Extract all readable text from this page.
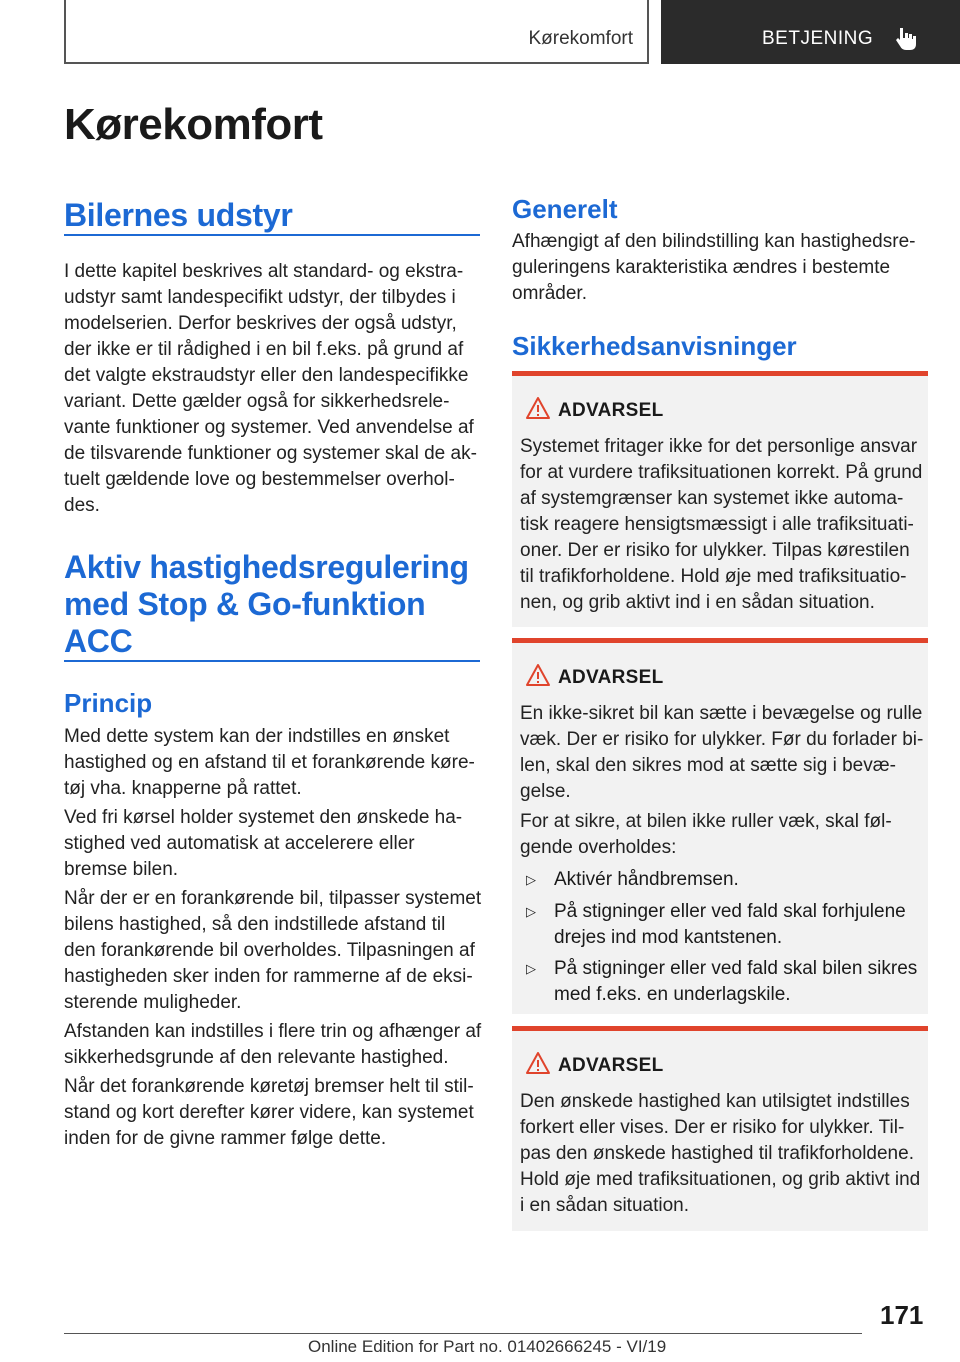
Kørekomfort	BETJENING
Kørekomfort
Bilernes udstyr

I dette kapitel beskrives alt standard- og ekstra-udstyr samt landespecifikt udstyr, der tilbydes i modelserien. Derfor beskrives der også udstyr, der ikke er til rådighed i en bil f.eks. på grund af det valgte ekstraudstyr eller den landespecifikke variant. Dette gælder også for sikkerhedsrele-vante funktioner og systemer. Ved anvendelse af de tilsvarende funktioner og systemer skal de ak-tuelt gældende love og bestemmelser overhol-des.

Aktiv hastighedsregulering
med Stop & Go-funktion
ACC
Princip

Med dette system kan der indstilles en ønsket hastighed og en afstand til et forankørende køre-tøj vha. knapperne på rattet.

Ved fri kørsel holder systemet den ønskede ha-stighed ved automatisk at accelerere eller bremse bilen.

Når der er en forankørende bil, tilpasser systemet bilens hastighed, så den indstillede afstand til den forankørende bil overholdes. Tilpasningen af hastigheden sker inden for rammerne af de eksi-sterende muligheder.

Afstanden kan indstilles i flere trin og afhænger af sikkerhedsgrunde af den relevante hastighed.

Når det forankørende køretøj bremser helt til stil-stand og kort derefter kører videre, kan systemet inden for de givne rammer følge dette.

Generelt

Afhængigt af den bilindstilling kan hastighedsre-guleringens karakteristika ændres i bestemte områder.

Sikkerhedsanvisninger
ADVARSEL

Systemet fritager ikke for det personlige ansvar for at vurdere trafiksituationen korrekt. På grund af systemgrænser kan systemet ikke automa-tisk reagere hensigtsmæssigt i alle trafiksituati-oner. Der er risiko for ulykker. Tilpas kørestilen til trafikforholdene. Hold øje med trafiksituatio-nen, og grib aktivt ind i en sådan situation.

ADVARSEL

En ikke-sikret bil kan sætte i bevægelse og rulle væk. Der er risiko for ulykker. Før du forlader bi-len, skal den sikres mod at sætte sig i bevæ-gelse.

For at sikre, at bilen ikke ruller væk, skal føl-gende overholdes:

▷ Aktivér håndbremsen.
▷ På stigninger eller ved fald skal forhjulene drejes ind mod kantstenen.
▷ På stigninger eller ved fald skal bilen sikres med f.eks. en underlagskile.
ADVARSEL

Den ønskede hastighed kan utilsigtet indstilles forkert eller vises. Der er risiko for ulykker. Til-pas den ønskede hastighed til trafikforholdene. Hold øje med trafiksituationen, og grib aktivt ind i en sådan situation.

171
Online Edition for Part no. 01402666245 - VI/19
